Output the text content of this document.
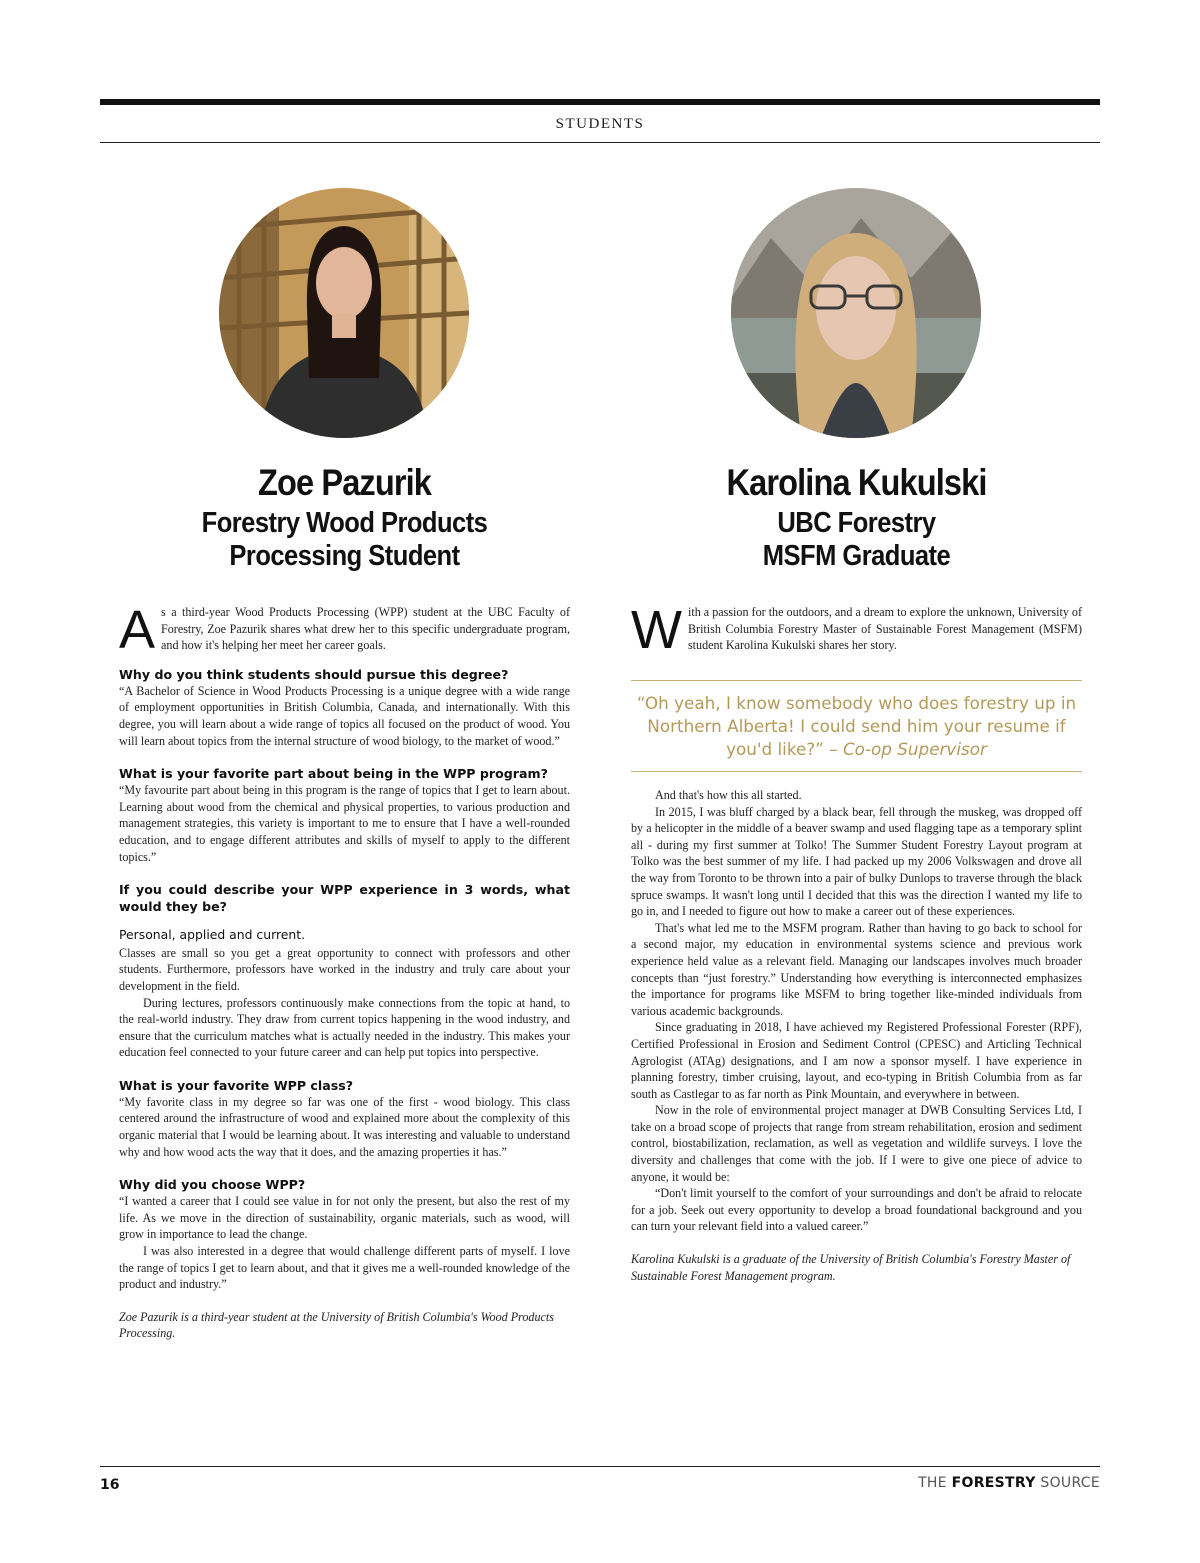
STUDENTS
Zoe Pazurik
Forestry Wood Products
Processing Student

As a third-year Wood Products Processing (WPP) student at the UBC Faculty of Forestry, Zoe Pazurik shares what drew her to this specific undergraduate program, and how it's helping her meet her career goals.

Why do you think students should pursue this degree?

“A Bachelor of Science in Wood Products Processing is a unique degree with a wide range of employment opportunities in British Columbia, Canada, and internationally. With this degree, you will learn about a wide range of topics all focused on the product of wood. You will learn about topics from the internal structure of wood biology, to the market of wood.”

What is your favorite part about being in the WPP program?

“My favourite part about being in this program is the range of topics that I get to learn about. Learning about wood from the chemical and physical properties, to various production and management strategies, this variety is important to me to ensure that I have a well-rounded education, and to engage different attributes and skills of myself to apply to the different topics.”

If you could describe your WPP experience in 3 words, what would they be?

Personal, applied and current.

Classes are small so you get a great opportunity to connect with professors and other students. Furthermore, professors have worked in the industry and truly care about your development in the field.

During lectures, professors continuously make connections from the topic at hand, to the real-world industry. They draw from current topics happening in the wood industry, and ensure that the curriculum matches what is actually needed in the industry. This makes your education feel connected to your future career and can help put topics into perspective.

What is your favorite WPP class?

“My favorite class in my degree so far was one of the first - wood biology. This class centered around the infrastructure of wood and explained more about the complexity of this organic material that I would be learning about. It was interesting and valuable to understand why and how wood acts the way that it does, and the amazing properties it has.”

Why did you choose WPP?

“I wanted a career that I could see value in for not only the present, but also the rest of my life. As we move in the direction of sustainability, organic materials, such as wood, will grow in importance to lead the change.

I was also interested in a degree that would challenge different parts of myself. I love the range of topics I get to learn about, and that it gives me a well-rounded knowledge of the product and industry.”

Zoe Pazurik is a third-year student at the University of British Columbia's Wood Products Processing.

Karolina Kukulski
UBC Forestry
MSFM Graduate

With a passion for the outdoors, and a dream to explore the unknown, University of British Columbia Forestry Master of Sustainable Forest Management (MSFM) student Karolina Kukulski shares her story.

“Oh yeah, I know somebody who does forestry up in Northern Alberta! I could send him your resume if you'd like?” – Co-op Supervisor

And that's how this all started.

In 2015, I was bluff charged by a black bear, fell through the muskeg, was dropped off by a helicopter in the middle of a beaver swamp and used flagging tape as a temporary splint all - during my first summer at Tolko! The Summer Student Forestry Layout program at Tolko was the best summer of my life. I had packed up my 2006 Volkswagen and drove all the way from Toronto to be thrown into a pair of bulky Dunlops to traverse through the black spruce swamps. It wasn't long until I decided that this was the direction I wanted my life to go in, and I needed to figure out how to make a career out of these experiences.

That's what led me to the MSFM program. Rather than having to go back to school for a second major, my education in environmental systems science and previous work experience held value as a relevant field. Managing our landscapes involves much broader concepts than “just forestry.” Understanding how everything is interconnected emphasizes the importance for programs like MSFM to bring together like-minded individuals from various academic backgrounds.

Since graduating in 2018, I have achieved my Registered Professional Forester (RPF), Certified Professional in Erosion and Sediment Control (CPESC) and Articling Technical Agrologist (ATAg) designations, and I am now a sponsor myself. I have experience in planning forestry, timber cruising, layout, and eco-typing in British Columbia from as far south as Castlegar to as far north as Pink Mountain, and everywhere in between.

Now in the role of environmental project manager at DWB Consulting Services Ltd, I take on a broad scope of projects that range from stream rehabilitation, erosion and sediment control, biostabilization, reclamation, as well as vegetation and wildlife surveys. I love the diversity and challenges that come with the job. If I were to give one piece of advice to anyone, it would be:

“Don't limit yourself to the comfort of your surroundings and don't be afraid to relocate for a job. Seek out every opportunity to develop a broad foundational background and you can turn your relevant field into a valued career.”

Karolina Kukulski is a graduate of the University of British Columbia's Forestry Master of Sustainable Forest Management program.

16	THE FORESTRY SOURCE
